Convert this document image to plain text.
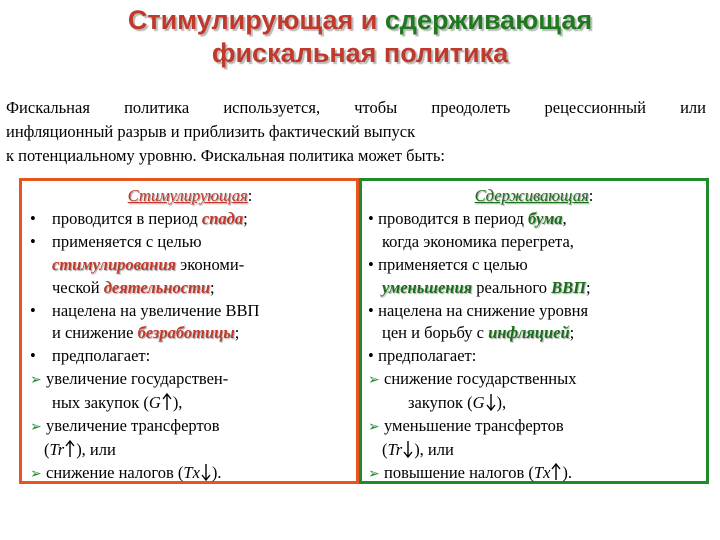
Стимулирующая и сдерживающая
фискальная политика
Фискальная политика используется, чтобы преодолеть рецессионный или
инфляционный разрыв и приблизить фактический выпуск
к потенциальному уровню. Фискальная политика может быть:
Стимулирующая:
• проводится в период спада;
• применяется с целью
стимулирования экономи-
ческой деятельности;
• нацелена на увеличение ВВП
и снижение безработицы;
• предполагает:
➢ увеличение государствен-
ных закупок (G ),
➢ увеличение трансфертов
(Tr ), или
➢ снижение налогов (Tx ).
Сдерживающая:
• проводится в период бума,
когда экономика перегрета,
• применяется с целью
уменьшения реального ВВП;
• нацелена на снижение уровня
цен и борьбу с инфляцией;
• предполагает:
➢ снижение государственных
закупок (G ),
➢ уменьшение трансфертов
(Tr ), или
➢ повышение налогов (Tx ).
